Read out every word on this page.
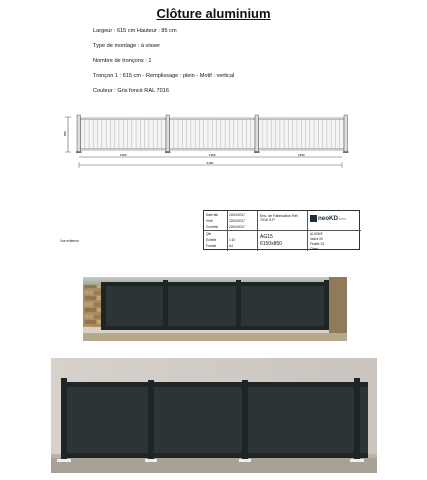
Clôture aluminium
Largeur : 615 cm Hauteur : 85 cm
Type de montage : à visser
Nombre de tronçons : 1
Tronçon 1 : 615 cm - Remplissage : plein - Motif : vertical
Couleur : Gris foncé RAL 7016
850
1950	1950	1950
6150
Vue extérieur
Date fab
Vérif
Contrôle
Qté
Echelle
Format
22/04/2017
22/04/2017
22/04/2017
1:10
A4
Ens. de Fabrication Réf. 7016 S.P.
AG15
6150x850
neoKD.com
ALUDKE
Indice 00
Feuille 1/1
Client
